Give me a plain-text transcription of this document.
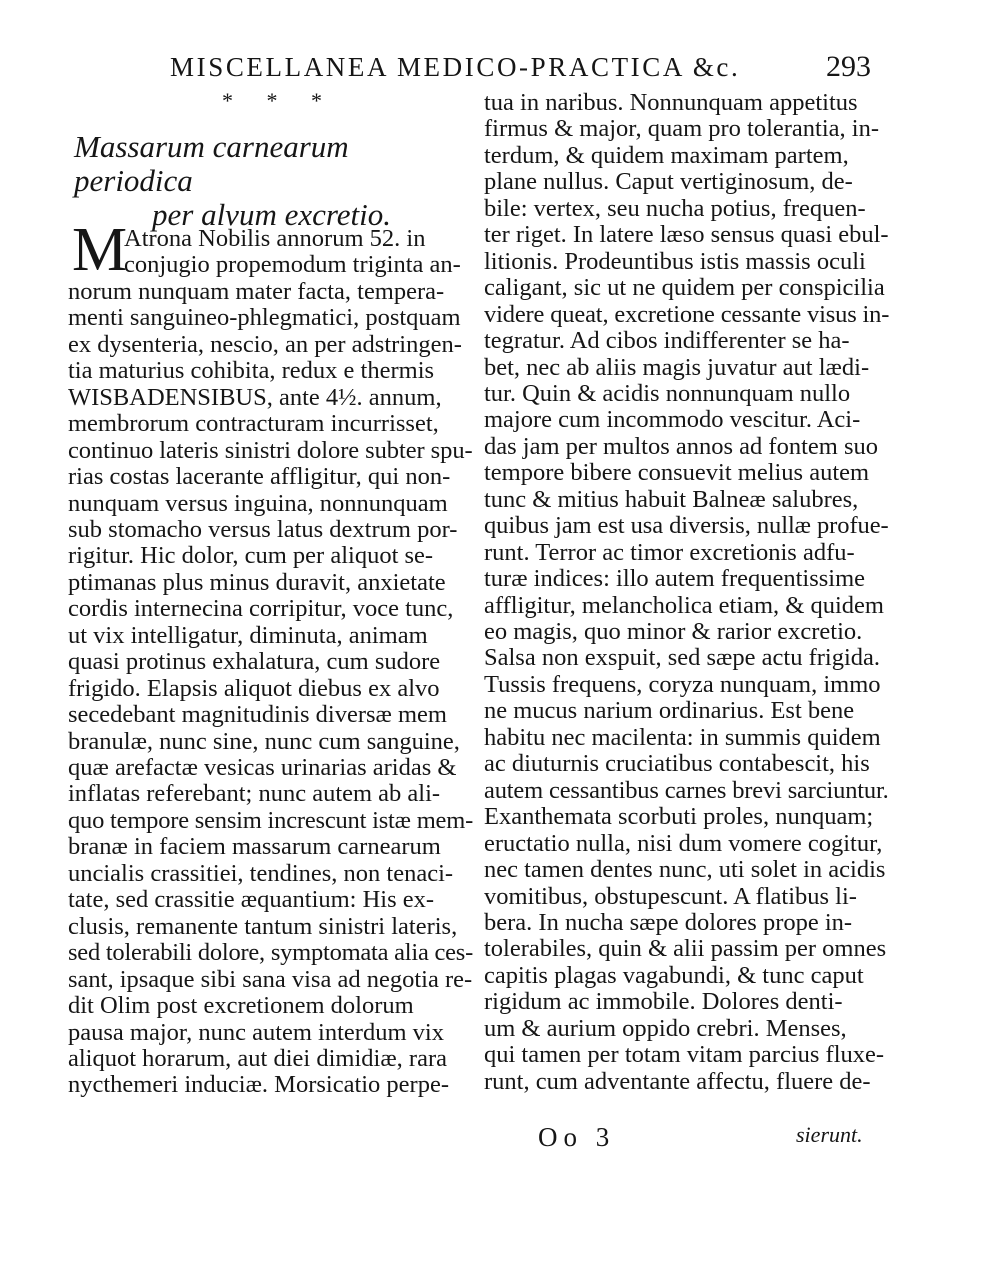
MISCELLANEA MEDICO-PRACTICA &c.	293
* * *
Massarum carnearum periodica
per alvum excretio.
M
Atrona Nobilis annorum 52. in
conjugio propemodum triginta an-
norum nunquam mater facta, tempera-
menti sanguineo-phlegmatici, postquam
ex dysenteria, nescio, an per adstringen-
tia maturius cohibita, redux e thermis
WISBADENSIBUS, ante 4½. annum,
membrorum contracturam incurrisset,
continuo lateris sinistri dolore subter spu-
rias costas lacerante affligitur, qui non-
nunquam versus inguina, nonnunquam
sub stomacho versus latus dextrum por-
rigitur. Hic dolor, cum per aliquot se-
ptimanas plus minus duravit, anxietate
cordis internecina corripitur, voce tunc,
ut vix intelligatur, diminuta, animam
quasi protinus exhalatura, cum sudore
frigido. Elapsis aliquot diebus ex alvo
secedebant magnitudinis diversæ mem
branulæ, nunc sine, nunc cum sanguine,
quæ arefactæ vesicas urinarias aridas &
inflatas referebant; nunc autem ab ali-
quo tempore sensim increscunt istæ mem-
branæ in faciem massarum carnearum
uncialis crassitiei, tendines, non tenaci-
tate, sed crassitie æquantium: His ex-
clusis, remanente tantum sinistri lateris,
sed tolerabili dolore, symptomata alia ces-
sant, ipsaque sibi sana visa ad negotia re-
dit Olim post excretionem dolorum
pausa major, nunc autem interdum vix
aliquot horarum, aut diei dimidiæ, rara
nycthemeri induciæ. Morsicatio perpe-
tua in naribus. Nonnunquam appetitus
firmus & major, quam pro tolerantia, in-
terdum, & quidem maximam partem,
plane nullus. Caput vertiginosum, de-
bile: vertex, seu nucha potius, frequen-
ter riget. In latere læso sensus quasi ebul-
litionis. Prodeuntibus istis massis oculi
caligant, sic ut ne quidem per conspicilia
videre queat, excretione cessante visus in-
tegratur. Ad cibos indifferenter se ha-
bet, nec ab aliis magis juvatur aut lædi-
tur. Quin & acidis nonnunquam nullo
majore cum incommodo vescitur. Aci-
das jam per multos annos ad fontem suo
tempore bibere consuevit melius autem
tunc & mitius habuit Balneæ salubres,
quibus jam est usa diversis, nullæ profue-
runt. Terror ac timor excretionis adfu-
turæ indices: illo autem frequentissime
affligitur, melancholica etiam, & quidem
eo magis, quo minor & rarior excretio.
Salsa non exspuit, sed sæpe actu frigida.
Tussis frequens, coryza nunquam, immo
ne mucus narium ordinarius. Est bene
habitu nec macilenta: in summis quidem
ac diuturnis cruciatibus contabescit, his
autem cessantibus carnes brevi sarciuntur.
Exanthemata scorbuti proles, nunquam;
eructatio nulla, nisi dum vomere cogitur,
nec tamen dentes nunc, uti solet in acidis
vomitibus, obstupescunt. A flatibus li-
bera. In nucha sæpe dolores prope in-
tolerabiles, quin & alii passim per omnes
capitis plagas vagabundi, & tunc caput
rigidum ac immobile. Dolores denti-
um & aurium oppido crebri. Menses,
qui tamen per totam vitam parcius fluxe-
runt, cum adventante affectu, fluere de-
Oo 3	sierunt.
